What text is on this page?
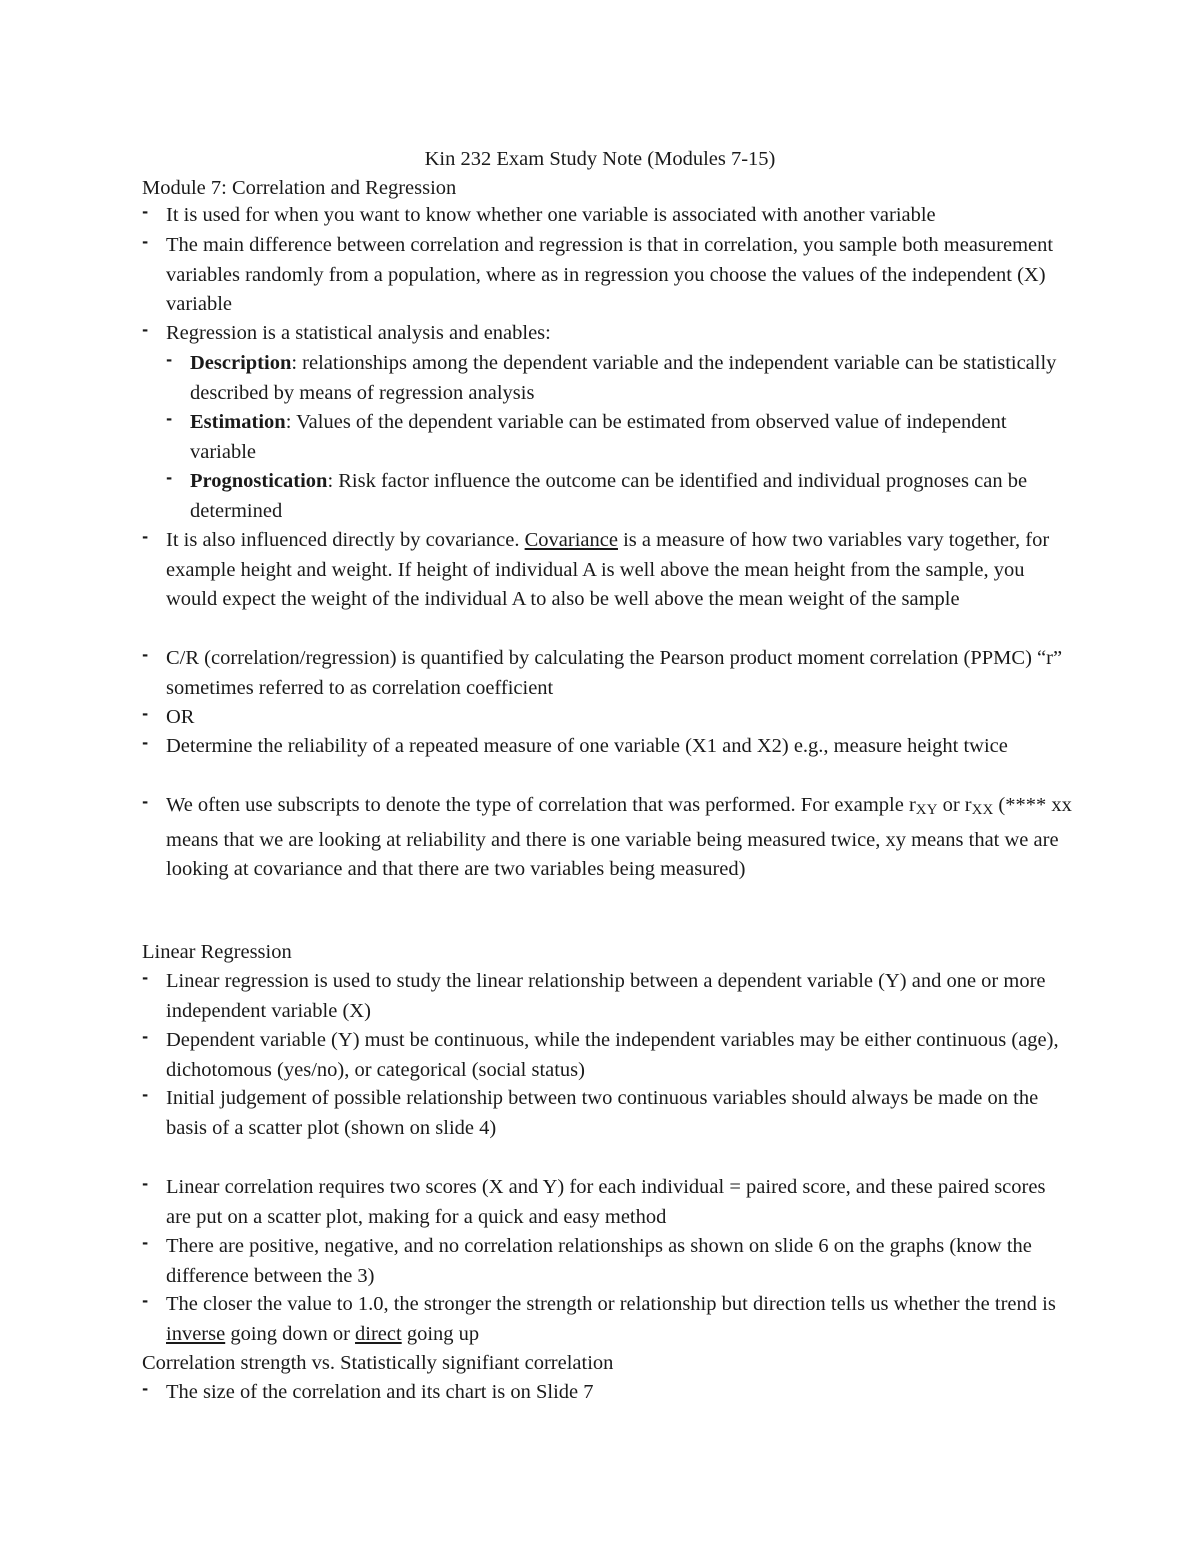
Kin 232 Exam Study Note (Modules 7-15)
Module 7: Correlation and Regression
- It is used for when you want to know whether one variable is associated with another variable
- The main difference between correlation and regression is that in correlation, you sample both measurement variables randomly from a population, where as in regression you choose the values of the independent (X) variable
- Regression is a statistical analysis and enables:
- Description: relationships among the dependent variable and the independent variable can be statistically described by means of regression analysis
- Estimation: Values of the dependent variable can be estimated from observed value of independent variable
- Prognostication: Risk factor influence the outcome can be identified and individual prognoses can be determined
- It is also influenced directly by covariance. Covariance is a measure of how two variables vary together, for example height and weight. If height of individual A is well above the mean height from the sample, you would expect the weight of the individual A to also be well above the mean weight of the sample
- C/R (correlation/regression) is quantified by calculating the Pearson product moment correlation (PPMC) “r” sometimes referred to as correlation coefficient
- OR
- Determine the reliability of a repeated measure of one variable (X1 and X2) e.g., measure height twice
- We often use subscripts to denote the type of correlation that was performed. For example $r_{XY}$ or $r_{XX}$ (**** xx means that we are looking at reliability and there is one variable being measured twice, xy means that we are looking at covariance and that there are two variables being measured)
Linear Regression
- Linear regression is used to study the linear relationship between a dependent variable (Y) and one or more independent variable (X)
- Dependent variable (Y) must be continuous, while the independent variables may be either continuous (age), dichotomous (yes/no), or categorical (social status)
- Initial judgement of possible relationship between two continuous variables should always be made on the basis of a scatter plot (shown on slide 4)
- Linear correlation requires two scores (X and Y) for each individual = paired score, and these paired scores are put on a scatter plot, making for a quick and easy method
- There are positive, negative, and no correlation relationships as shown on slide 6 on the graphs (know the difference between the 3)
- The closer the value to 1.0, the stronger the strength or relationship but direction tells us whether the trend is inverse going down or direct going up
Correlation strength vs. Statistically signifiant correlation
- The size of the correlation and its chart is on Slide 7
